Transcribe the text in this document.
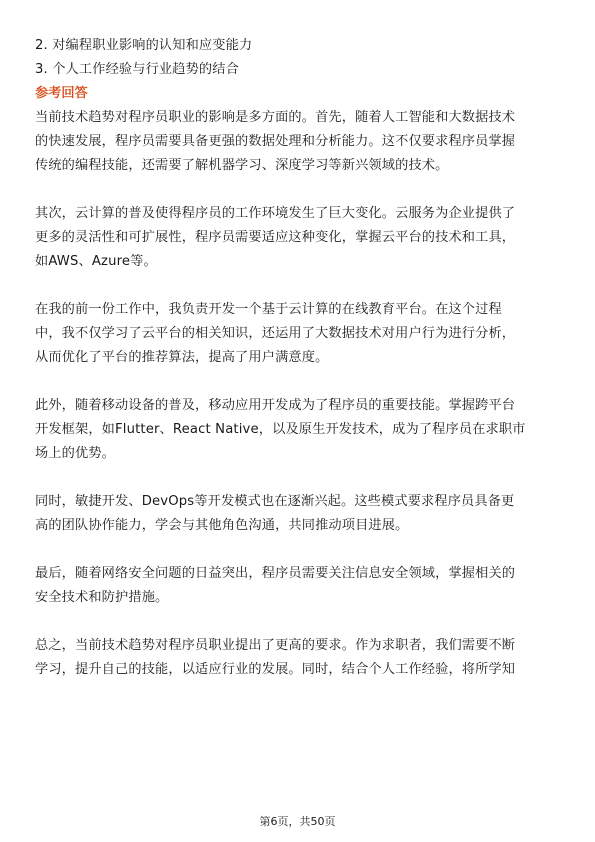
2. 对编程职业影响的认知和应变能力
3. 个人工作经验与行业趋势的结合
参考回答
当前技术趋势对程序员职业的影响是多方面的。首先，随着人工智能和大数据技术
的快速发展，程序员需要具备更强的数据处理和分析能力。这不仅要求程序员掌握
传统的编程技能，还需要了解机器学习、深度学习等新兴领域的技术。
其次，云计算的普及使得程序员的工作环境发生了巨大变化。云服务为企业提供了
更多的灵活性和可扩展性，程序员需要适应这种变化，掌握云平台的技术和工具，
如AWS、Azure等。
在我的前一份工作中，我负责开发一个基于云计算的在线教育平台。在这个过程
中，我不仅学习了云平台的相关知识，还运用了大数据技术对用户行为进行分析，
从而优化了平台的推荐算法，提高了用户满意度。
此外，随着移动设备的普及，移动应用开发成为了程序员的重要技能。掌握跨平台
开发框架，如Flutter、React Native，以及原生开发技术，成为了程序员在求职市
场上的优势。
同时，敏捷开发、DevOps等开发模式也在逐渐兴起。这些模式要求程序员具备更
高的团队协作能力，学会与其他角色沟通，共同推动项目进展。
最后，随着网络安全问题的日益突出，程序员需要关注信息安全领域，掌握相关的
安全技术和防护措施。
总之，当前技术趋势对程序员职业提出了更高的要求。作为求职者，我们需要不断
学习，提升自己的技能，以适应行业的发展。同时，结合个人工作经验，将所学知
第6页，共50页
